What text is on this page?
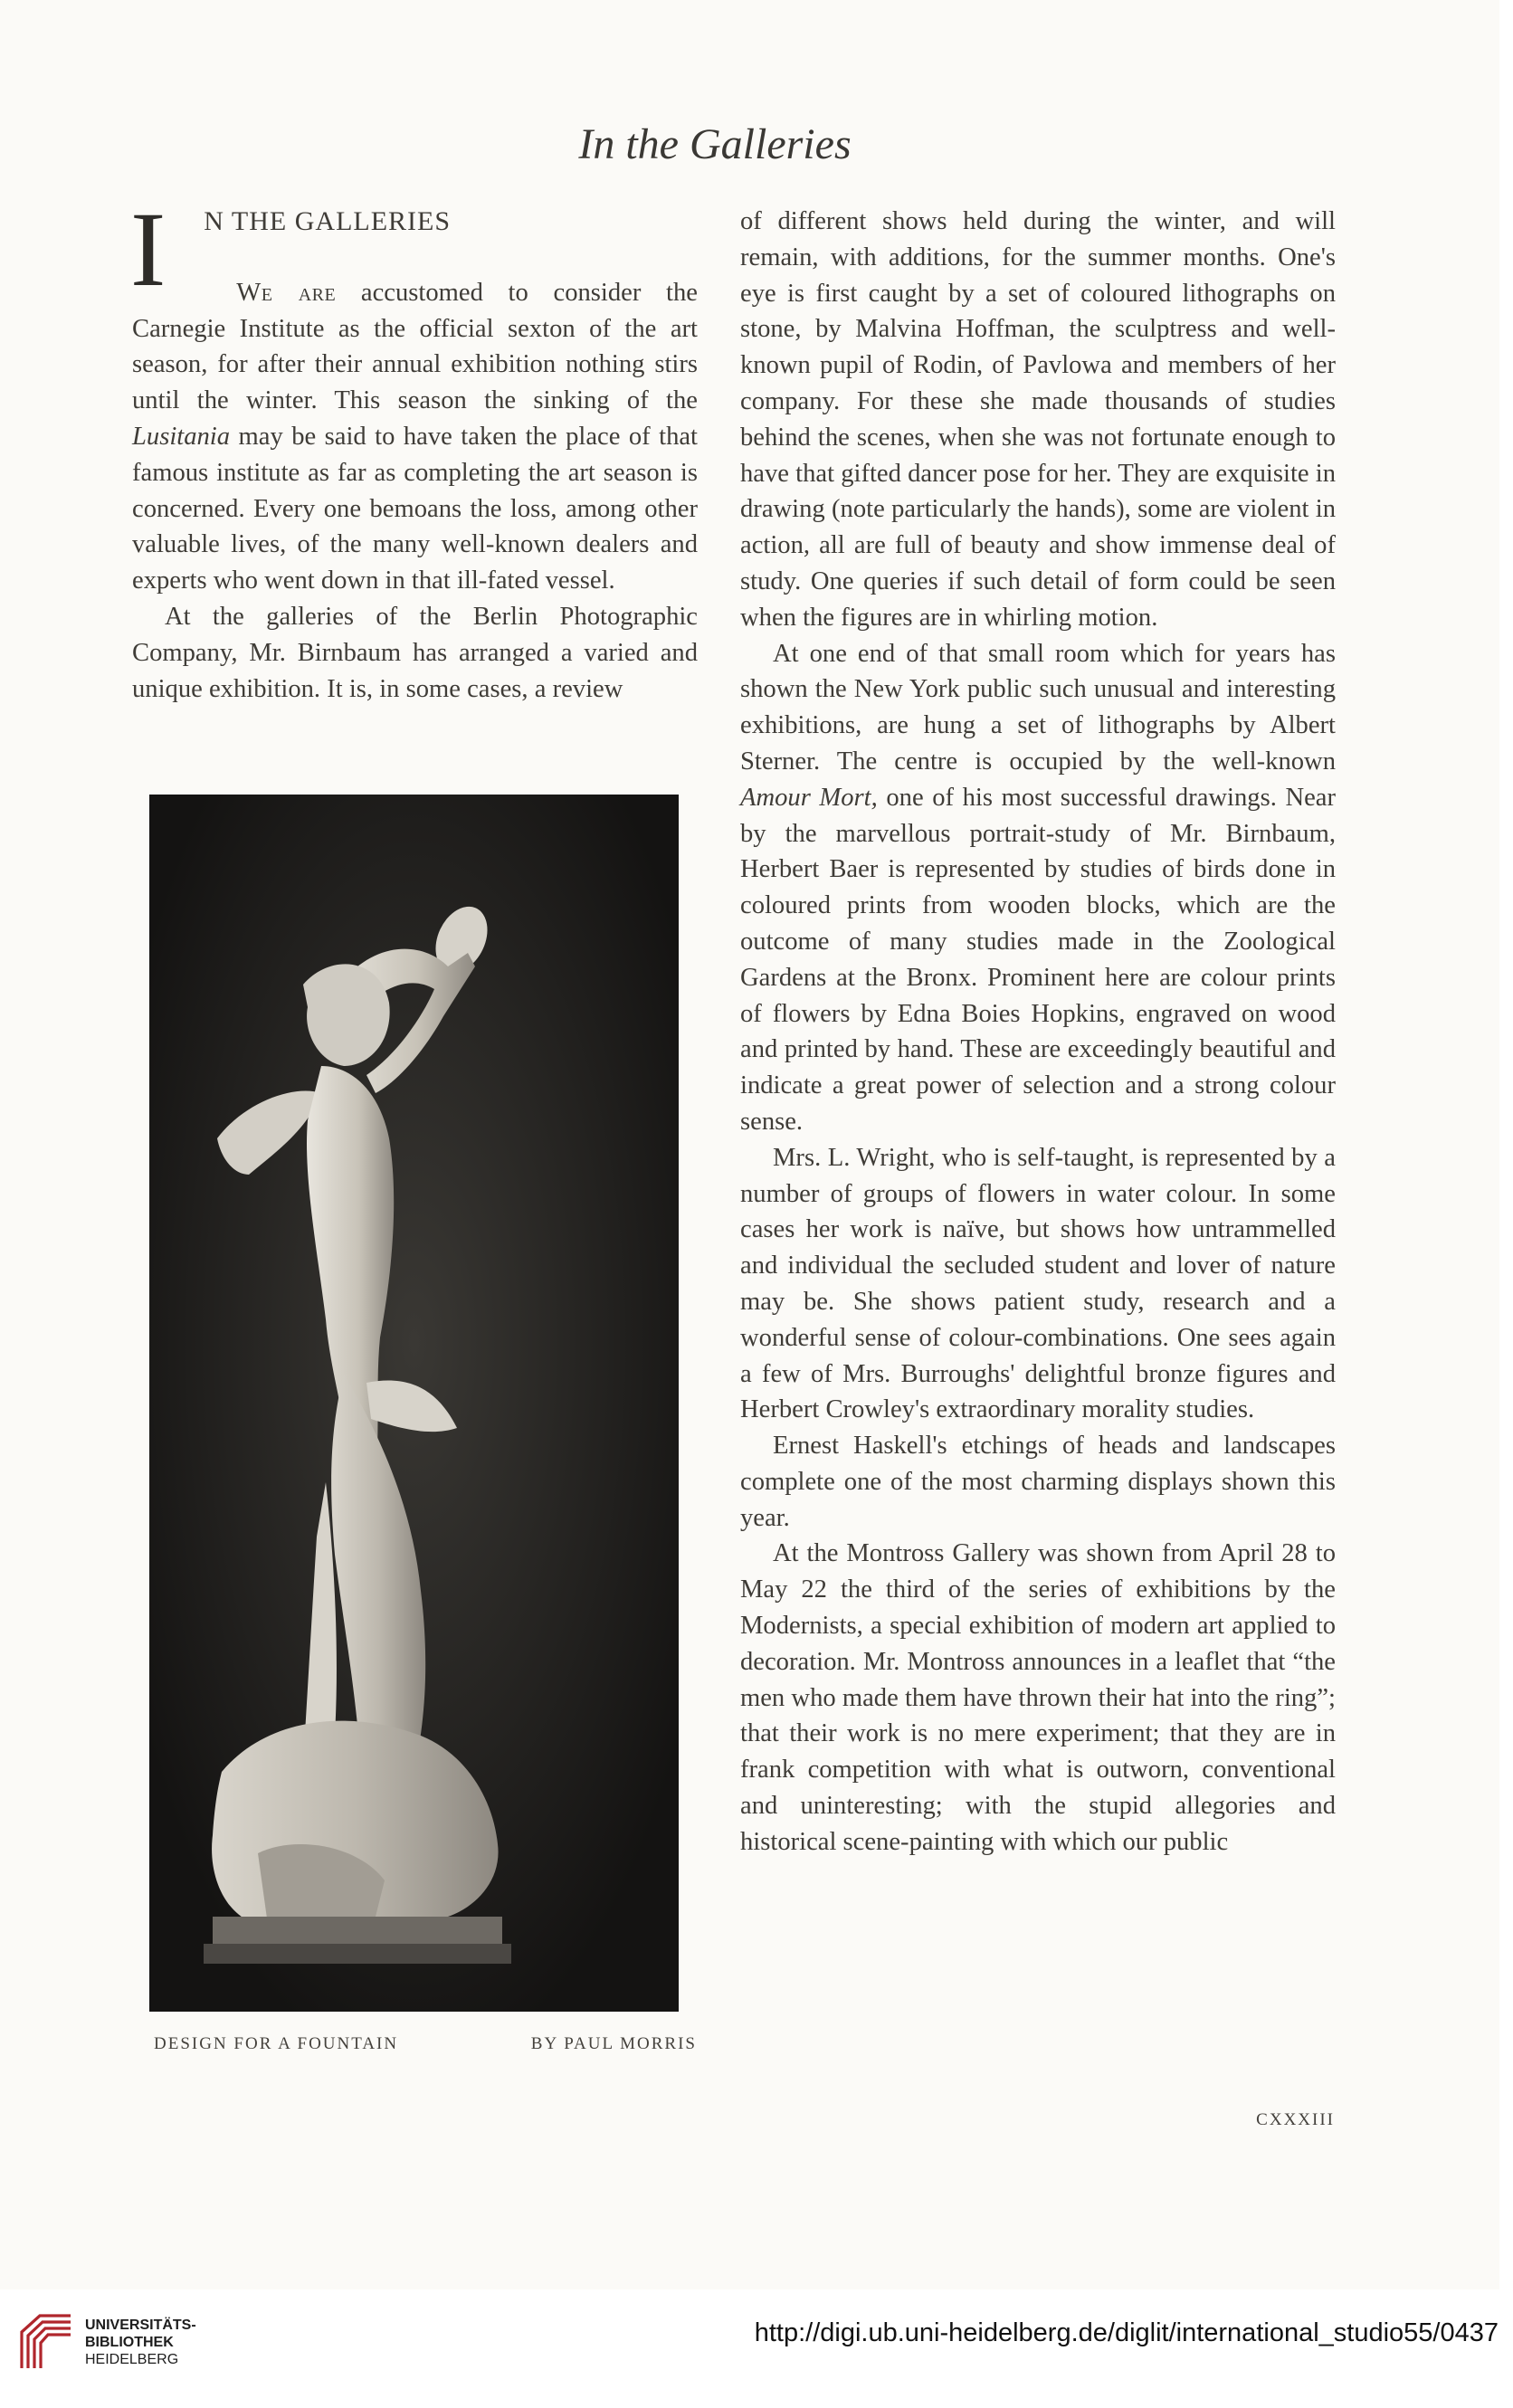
In the Galleries

I N THE GALLERIES

We are accustomed to consider the Carnegie Institute as the official sexton of the art season, for after their annual exhibition nothing stirs until the winter. This season the sinking of the Lusitania may be said to have taken the place of that famous institute as far as completing the art season is concerned. Every one bemoans the loss, among other valuable lives, of the many well-known dealers and experts who went down in that ill-fated vessel.

At the galleries of the Berlin Photographic Company, Mr. Birnbaum has arranged a varied and unique exhibition. It is, in some cases, a review

DESIGN FOR A FOUNTAIN	BY PAUL MORRIS

of different shows held during the winter, and will remain, with additions, for the summer months. One's eye is first caught by a set of coloured lithographs on stone, by Malvina Hoffman, the sculptress and well-known pupil of Rodin, of Pavlowa and members of her company. For these she made thousands of studies behind the scenes, when she was not fortunate enough to have that gifted dancer pose for her. They are exquisite in drawing (note particularly the hands), some are violent in action, all are full of beauty and show immense deal of study. One queries if such detail of form could be seen when the figures are in whirling motion.

At one end of that small room which for years has shown the New York public such unusual and interesting exhibitions, are hung a set of lithographs by Albert Sterner. The centre is occupied by the well-known Amour Mort, one of his most successful drawings. Near by the marvellous portrait-study of Mr. Birnbaum, Herbert Baer is represented by studies of birds done in coloured prints from wooden blocks, which are the outcome of many studies made in the Zoological Gardens at the Bronx. Prominent here are colour prints of flowers by Edna Boies Hopkins, engraved on wood and printed by hand. These are exceedingly beautiful and indicate a great power of selection and a strong colour sense.

Mrs. L. Wright, who is self-taught, is represented by a number of groups of flowers in water colour. In some cases her work is naïve, but shows how untrammelled and individual the secluded student and lover of nature may be. She shows patient study, research and a wonderful sense of colour-combinations. One sees again a few of Mrs. Burroughs' delightful bronze figures and Herbert Crowley's extraordinary morality studies.

Ernest Haskell's etchings of heads and landscapes complete one of the most charming displays shown this year.

At the Montross Gallery was shown from April 28 to May 22 the third of the series of exhibitions by the Modernists, a special exhibition of modern art applied to decoration. Mr. Montross announces in a leaflet that “the men who made them have thrown their hat into the ring”; that their work is no mere experiment; that they are in frank competition with what is outworn, conventional and uninteresting; with the stupid allegories and historical scene-painting with which our public

CXXXIII
UNIVERSITÄTS-
BIBLIOTHEK
HEIDELBERG
http://digi.ub.uni-heidelberg.de/diglit/international_studio55/0437
